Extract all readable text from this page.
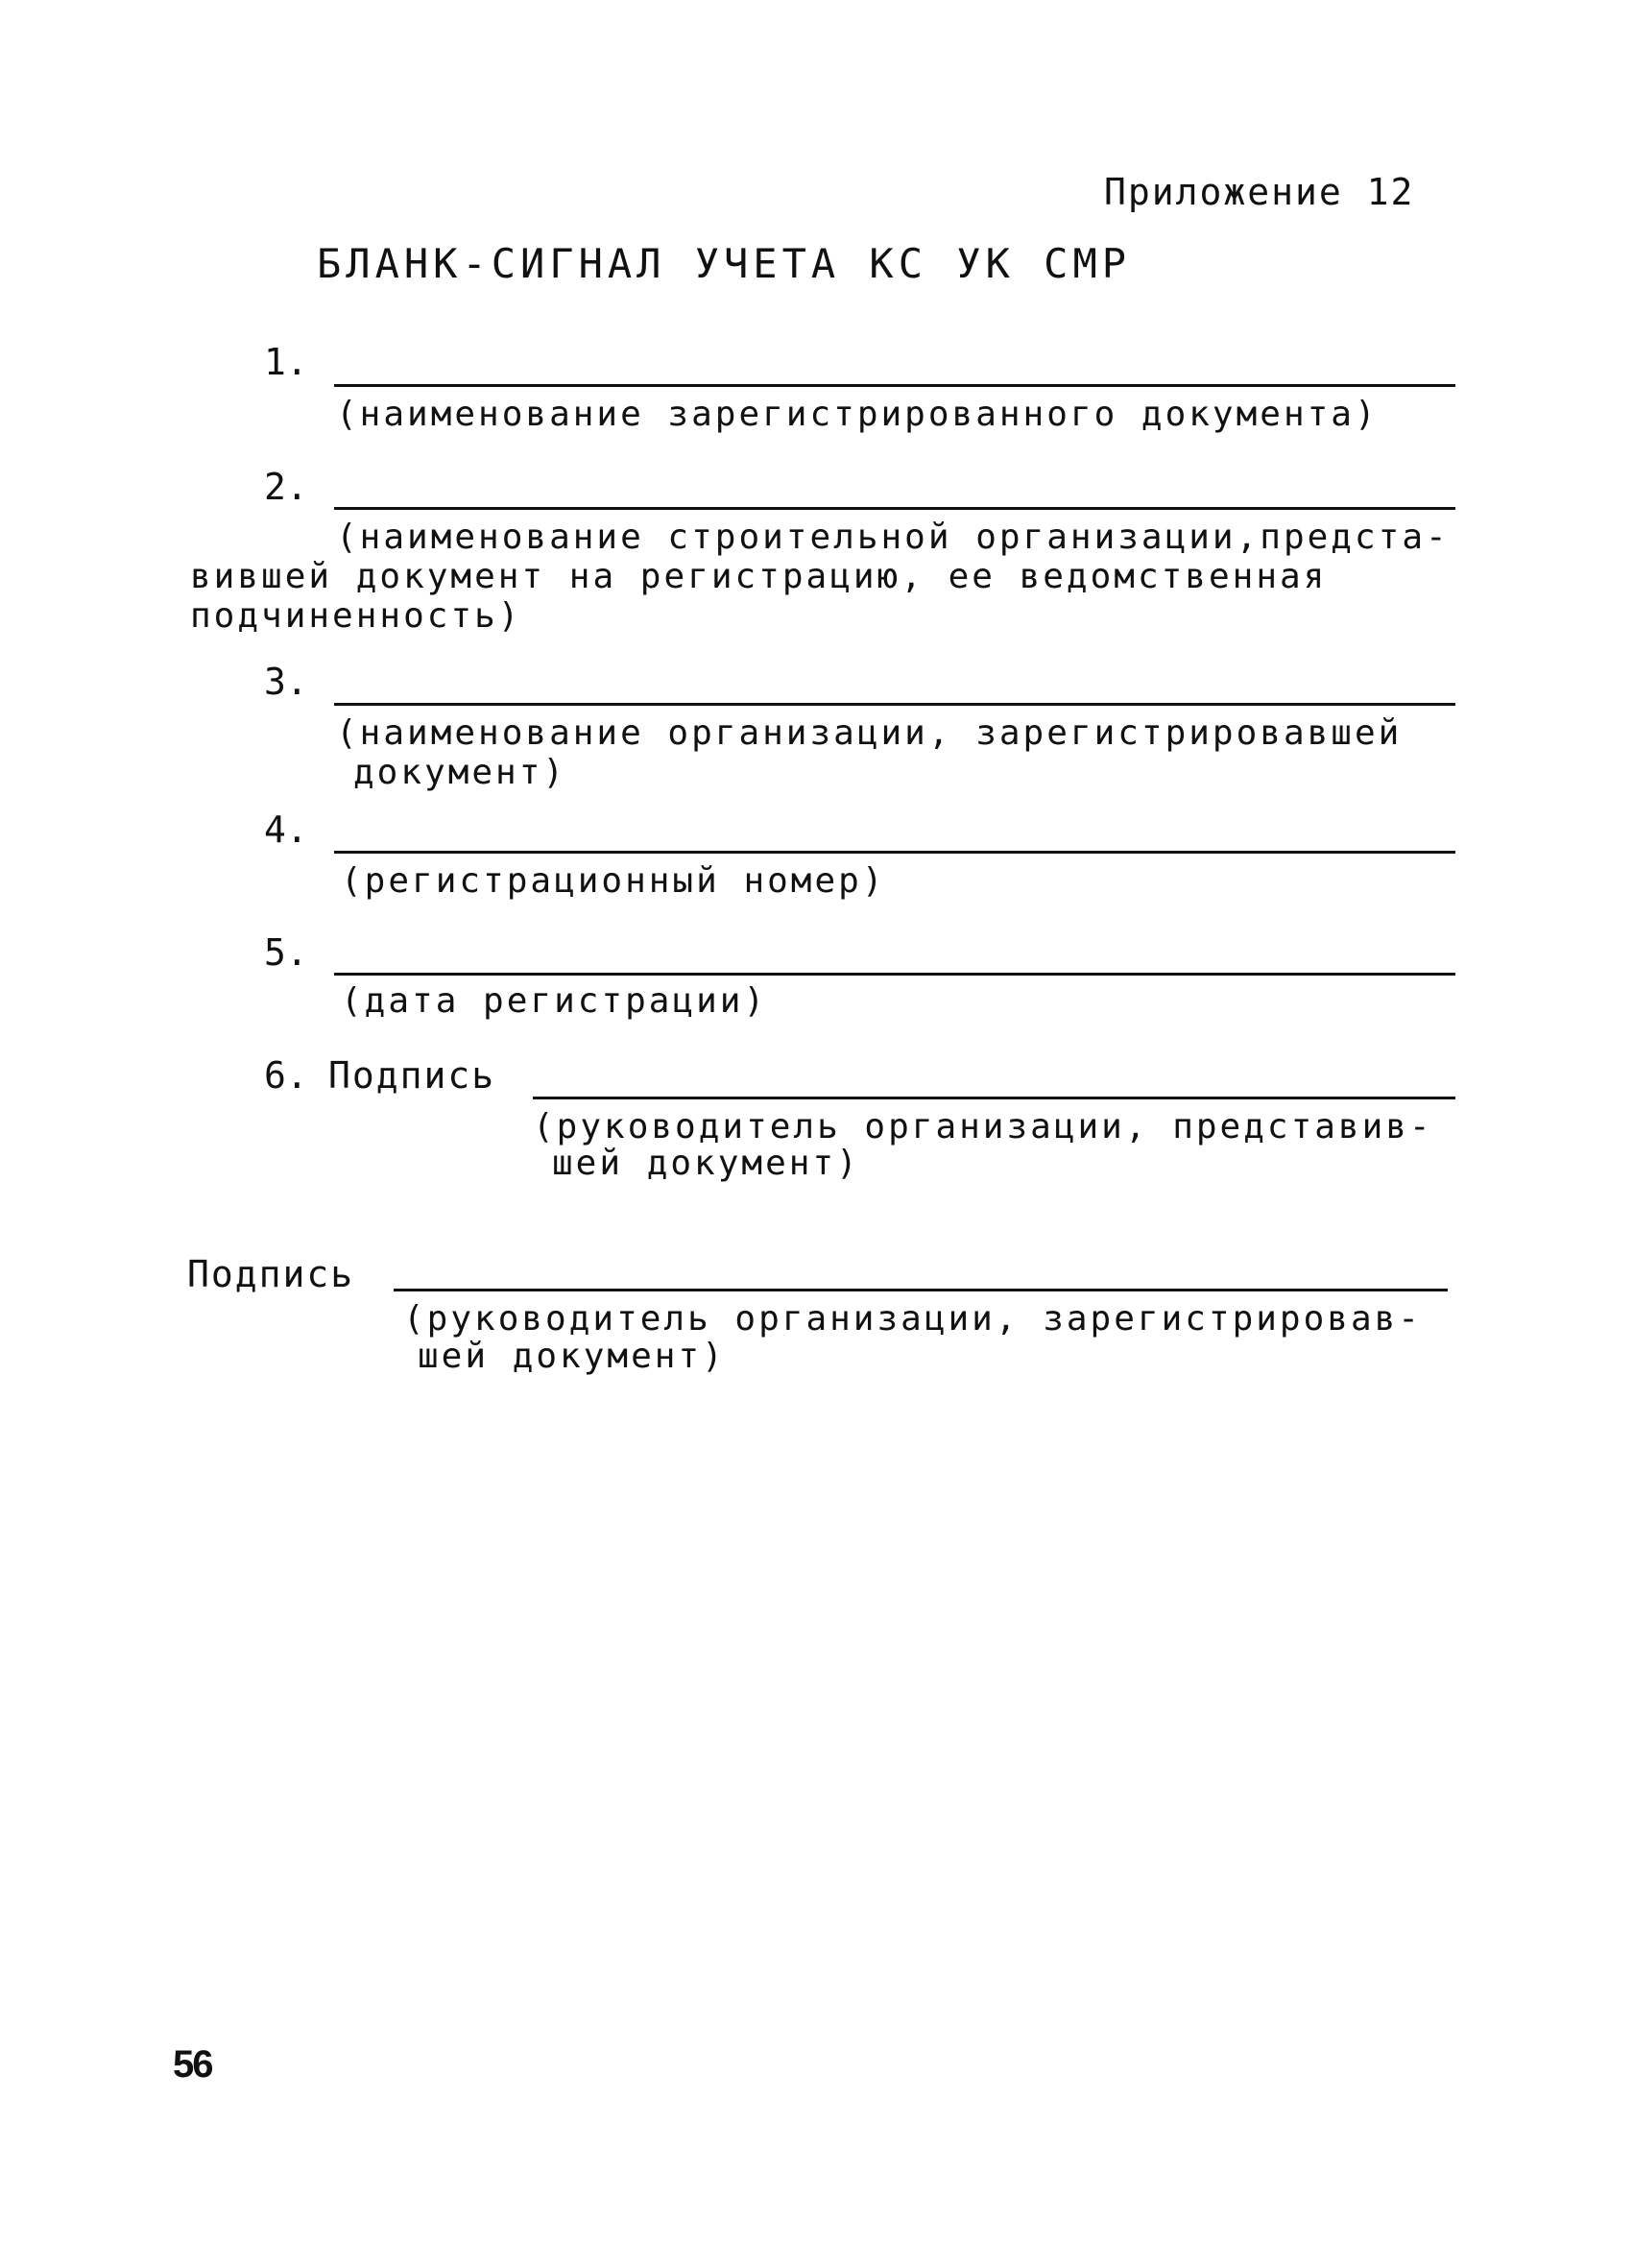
Приложение 12
БЛАНК-СИГНАЛ УЧЕТА КС УК СМР
1.
(наименование зарегистрированного документа)
2.
(наименование строительной организации,предста-
вившей документ на регистрацию, ее ведомственная
подчиненность)
3.
(наименование организации, зарегистрировавшей
документ)
4.
(регистрационный номер)
5.
(дата регистрации)
6. Подпись
(руководитель организации, представив-
шей документ)
Подпись
(руководитель организации, зарегистрировав-
шей документ)
56
